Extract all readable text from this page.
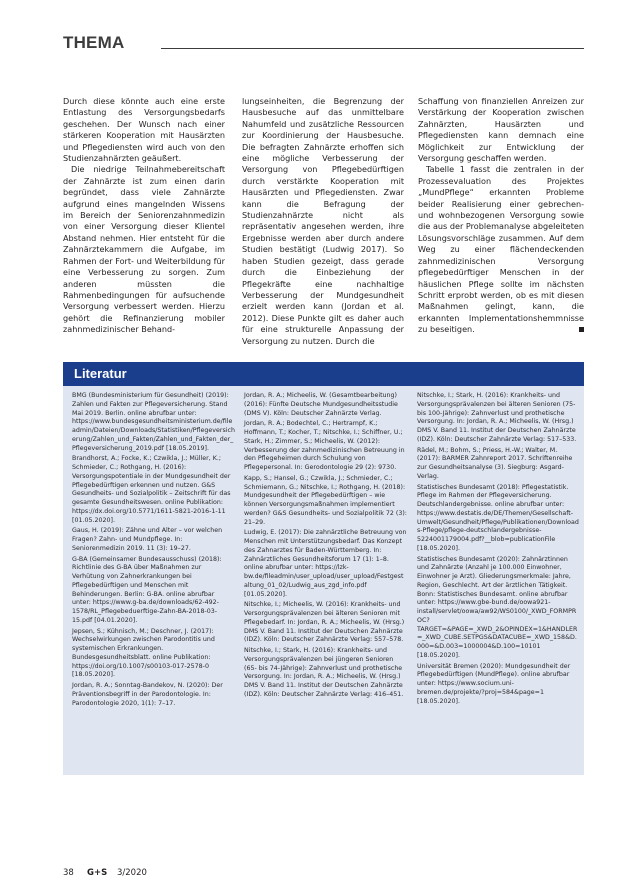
THEMA

Durch diese könnte auch eine erste Entlastung des Versorgungsbedarfs geschehen. Der Wunsch nach einer stärkeren Kooperation mit Hausärzten und Pflegediensten wird auch von den Studienzahnärzten geäußert.

Die niedrige Teilnahmebereitschaft der Zahnärzte ist zum einen darin begründet, dass viele Zahnärzte aufgrund eines mangelnden Wissens im Bereich der Seniorenzahnmedizin von einer Versorgung dieser Klientel Abstand nehmen. Hier entsteht für die Zahnärztekammern die Aufgabe, im Rahmen der Fort- und Weiterbildung für eine Verbesserung zu sorgen. Zum anderen müssten die Rahmenbedingungen für aufsuchende Versorgung verbessert werden. Hierzu gehört die Refinanzierung mobiler zahnmedizinischer Behand-

lungseinheiten, die Begrenzung der Hausbesuche auf das unmittelbare Nahumfeld und zusätzliche Ressourcen zur Koordinierung der Hausbesuche. Die befragten Zahnärzte erhoffen sich eine mögliche Verbesserung der Versorgung von Pflegebedürftigen durch verstärkte Kooperation mit Hausärzten und Pflegediensten. Zwar kann die Befragung der Studienzahnärzte nicht als repräsentativ angesehen werden, ihre Ergebnisse werden aber durch andere Studien bestätigt (Ludwig 2017). So haben Studien gezeigt, dass gerade durch die Einbeziehung der Pflegekräfte eine nachhaltige Verbesserung der Mundgesundheit erzielt werden kann (Jordan et al. 2012). Diese Punkte gilt es daher auch für eine strukturelle Anpassung der Versorgung zu nutzen. Durch die

Schaffung von finanziellen Anreizen zur Verstärkung der Kooperation zwischen Zahnärzten, Hausärzten und Pflegediensten kann demnach eine Möglichkeit zur Entwicklung der Versorgung geschaffen werden.

Tabelle 1 fasst die zentralen in der Prozessevaluation des Projektes „MundPflege“ erkannten Probleme beider Realisierung einer gebrechen- und wohnbezogenen Versorgung sowie die aus der Problemanalyse abgeleiteten Lösungsvorschläge zusammen. Auf dem Weg zu einer flächendeckenden zahnmedizinischen Versorgung pflegebedürftiger Menschen in der häuslichen Pflege sollte im nächsten Schritt erprobt werden, ob es mit diesen Maßnahmen gelingt, kann, die erkannten Implementationshemmnisse zu beseitigen.

Literatur

BMG (Bundesministerium für Gesundheit) (2019): Zahlen und Fakten zur Pflegeversicherung. Stand Mai 2019. Berlin. online abrufbar unter: https://www.bundesgesundheitsministerium.de/fileadmin/Dateien/Downloads/Statistiken/Pflegeversicherung/Zahlen_und_Fakten/Zahlen_und_Fakten_der_Pflegeversicherung_2019.pdf [18.05.2019].

Brandhorst, A.; Focke, K.; Czwikla, J.; Müller, K.; Schmieder, C.; Rothgang, H. (2016): Versorgungspotentiale in der Mundgesundheit der Pflegebedürftigen erkennen und nutzen. G&S Gesundheits- und Sozialpolitik – Zeitschrift für das gesamte Gesundheitswesen. online Publikation: https://dx.doi.org/10.5771/1611-5821-2016-1-11 [01.05.2020].

Gaus, H. (2019): Zähne und Alter – vor welchen Fragen? Zahn- und Mundpflege. In: Seniorenmedizin 2019. 11 (3): 19–27.

G-BA (Gemeinsamer Bundesausschuss) (2018): Richtlinie des G-BA über Maßnahmen zur Verhütung von Zahnerkrankungen bei Pflegebedürftigen und Menschen mit Behinderungen. Berlin: G-BA. online abrufbar unter: https://www.g-ba.de/downloads/62-492-1578/RL_Pflegebeduerftige-Zahn-BA-2018-03-15.pdf [04.01.2020].

Jepsen, S.; Kühnisch, M.; Deschner, J. (2017): Wechselwirkungen zwischen Parodontitis und systemischen Erkrankungen. Bundesgesundheitsblatt. online Publikation: https://doi.org/10.1007/s00103-017-2578-0 [18.05.2020].

Jordan, R. A.; Sonntag-Bandekov, N. (2020): Der Präventionsbegriff in der Parodontologie. In: Parodontologie 2020, 1(1): 7–17.

Jordan, R. A.; Micheelis, W. (Gesamtbearbeitung) (2016): Fünfte Deutsche Mundgesundheitsstudie (DMS V). Köln: Deutscher Zahnärzte Verlag.

Jordan, R. A.; Bodechtel, C.; Hertrampf, K.; Hoffmann, T.; Kocher, T.; Nitschke, I.; Schiffner, U.; Stark, H.; Zimmer, S.; Micheelis, W. (2012): Verbesserung der zahnmedizinischen Betreuung in den Pflegeheimen durch Schulung von Pflegepersonal. In: Gerodontologie 29 (2): 9730.

Kapp, S.; Hansel, G.; Czwikla, J.; Schmieder, C.; Schmiemann, G.; Nitschke, I.; Rothgang, H. (2018): Mundgesundheit der Pflegebedürftigen – wie können Versorgungsmaßnahmen implementiert werden? G&S Gesundheits- und Sozialpolitik 72 (3): 21–29.

Ludwig, E. (2017): Die zahnärztliche Betreuung von Menschen mit Unterstützungsbedarf. Das Konzept des Zahnarztes für Baden-Württemberg. In: Zahnärztliches Gesundheitsforum 17 (1): 1–8. online abrufbar unter: https://lzk-bw.de/fileadmin/user_upload/user_upload/Festgestaltung_01_02/Ludwig_aus_zgd_info.pdf [01.05.2020].

Nitschke, I.; Micheelis, W. (2016): Krankheits- und Versorgungsprävalenzen bei älteren Senioren mit Pflegebedarf. In: Jordan, R. A.; Micheelis, W. (Hrsg.) DMS V. Band 11. Institut der Deutschen Zahnärzte (IDZ). Köln: Deutscher Zahnärzte Verlag: 557–578.

Nitschke, I.; Stark, H. (2016): Krankheits- und Versorgungsprävalenzen bei jüngeren Senioren (65- bis 74-Jährige): Zahnverlust und prothetische Versorgung. In: Jordan, R. A.; Micheelis, W. (Hrsg.) DMS V. Band 11. Institut der Deutschen Zahnärzte (IDZ). Köln: Deutscher Zahnärzte Verlag: 416–451.

Nitschke, I.; Stark, H. (2016): Krankheits- und Versorgungsprävalenzen bei älteren Senioren (75- bis 100-Jährige): Zahnverlust und prothetische Versorgung. In: Jordan, R. A.; Micheelis, W. (Hrsg.) DMS V. Band 11. Institut der Deutschen Zahnärzte (IDZ). Köln: Deutscher Zahnärzte Verlag: 517–533.

Rädel, M.; Bohm, S.; Priess, H.-W.; Walter, M. (2017): BARMER Zahnreport 2017. Schriftenreihe zur Gesundheitsanalyse (3). Siegburg: Asgard-Verlag.

Statistisches Bundesamt (2018): Pflegestatistik. Pflege im Rahmen der Pflegeversicherung. Deutschlandergebnisse. online abrufbar unter: https://www.destatis.de/DE/Themen/Gesellschaft-Umwelt/Gesundheit/Pflege/Publikationen/Downloads-Pflege/pflege-deutschlandergebnisse-5224001179004.pdf?__blob=publicationFile [18.05.2020].

Statistisches Bundesamt (2020): Zahnärztinnen und Zahnärzte (Anzahl je 100.000 Einwohner, Einwohner je Arzt). Gliederungsmerkmale: Jahre, Region, Geschlecht. Art der ärztlichen Tätigkeit. Bonn: Statistisches Bundesamt. online abrufbar unter: https://www.gbe-bund.de/oowa921-install/servlet/oowa/aw92/WS0100/_XWD_FORMPROC?TARGET=&PAGE=_XWD_2&OPINDEX=1&HANDLER=_XWD_CUBE.SETPGS&DATACUBE=_XWD_158&D.000=&D.003=1000004&D.100=10101 [18.05.2020].

Universität Bremen (2020): Mundgesundheit der Pflegebedürftigen (MundPflege). online abrufbar unter: https://www.socium.uni-bremen.de/projekte/?proj=584&page=1 [18.05.2020].

38 G+S 3/2020
